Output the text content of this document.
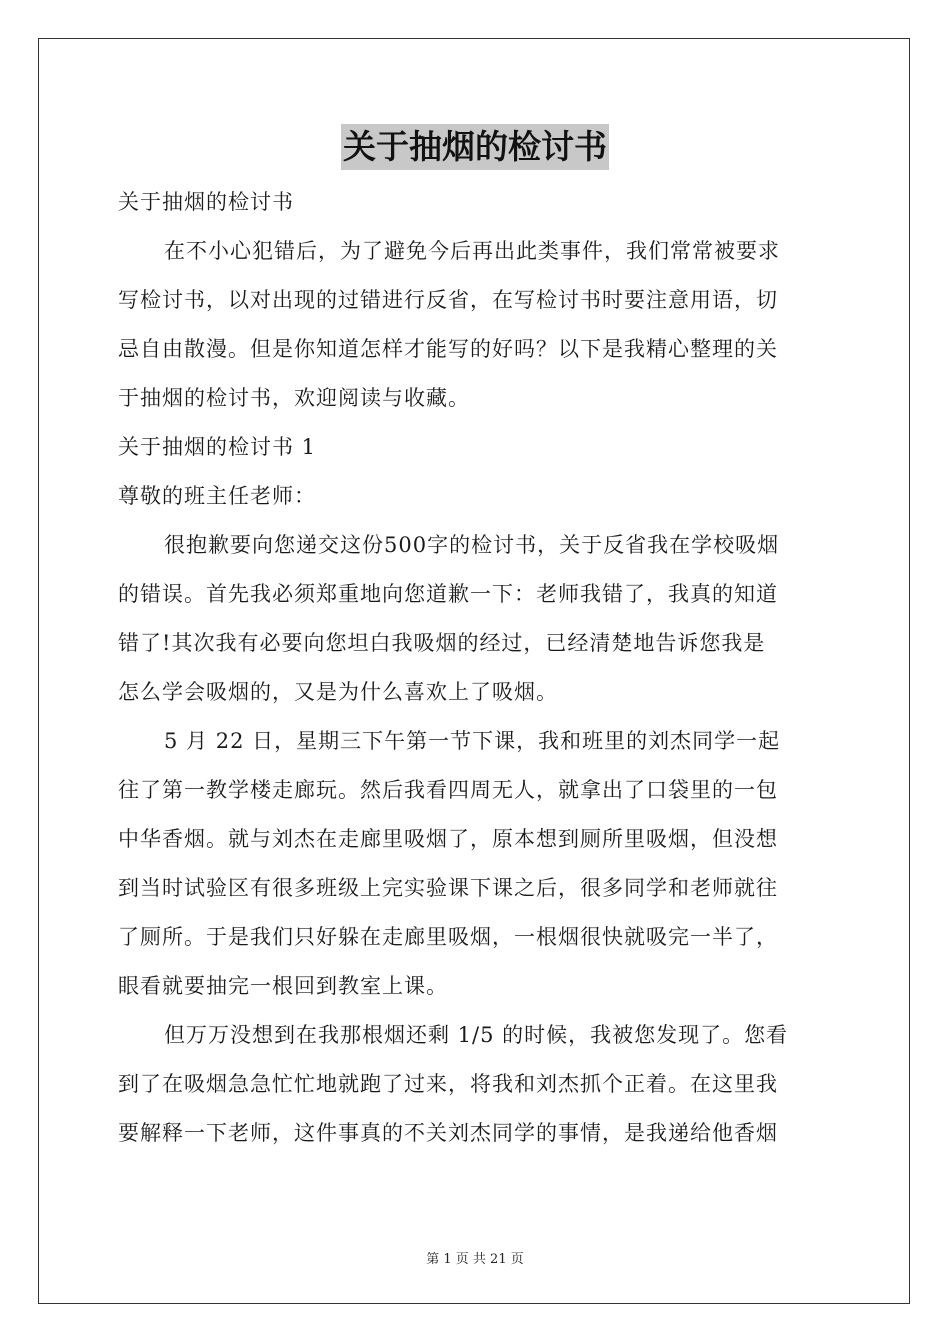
关于抽烟的检讨书
关于抽烟的检讨书
在不小心犯错后，为了避免今后再出此类事件，我们常常被要求
写检讨书，以对出现的过错进行反省，在写检讨书时要注意用语，切
忌自由散漫。但是你知道怎样才能写的好吗？以下是我精心整理的关
于抽烟的检讨书，欢迎阅读与收藏。
关于抽烟的检讨书 1
尊敬的班主任老师：
很抱歉要向您递交这份500字的检讨书，关于反省我在学校吸烟
的错误。首先我必须郑重地向您道歉一下：老师我错了，我真的知道
错了!其次我有必要向您坦白我吸烟的经过，已经清楚地告诉您我是
怎么学会吸烟的，又是为什么喜欢上了吸烟。
5 月 22 日，星期三下午第一节下课，我和班里的刘杰同学一起
往了第一教学楼走廊玩。然后我看四周无人，就拿出了口袋里的一包
中华香烟。就与刘杰在走廊里吸烟了，原本想到厕所里吸烟，但没想
到当时试验区有很多班级上完实验课下课之后，很多同学和老师就往
了厕所。于是我们只好躲在走廊里吸烟，一根烟很快就吸完一半了，
眼看就要抽完一根回到教室上课。
但万万没想到在我那根烟还剩 1/5 的时候，我被您发现了。您看
到了在吸烟急急忙忙地就跑了过来，将我和刘杰抓个正着。在这里我
要解释一下老师，这件事真的不关刘杰同学的事情，是我递给他香烟
第 1 页 共 21 页
